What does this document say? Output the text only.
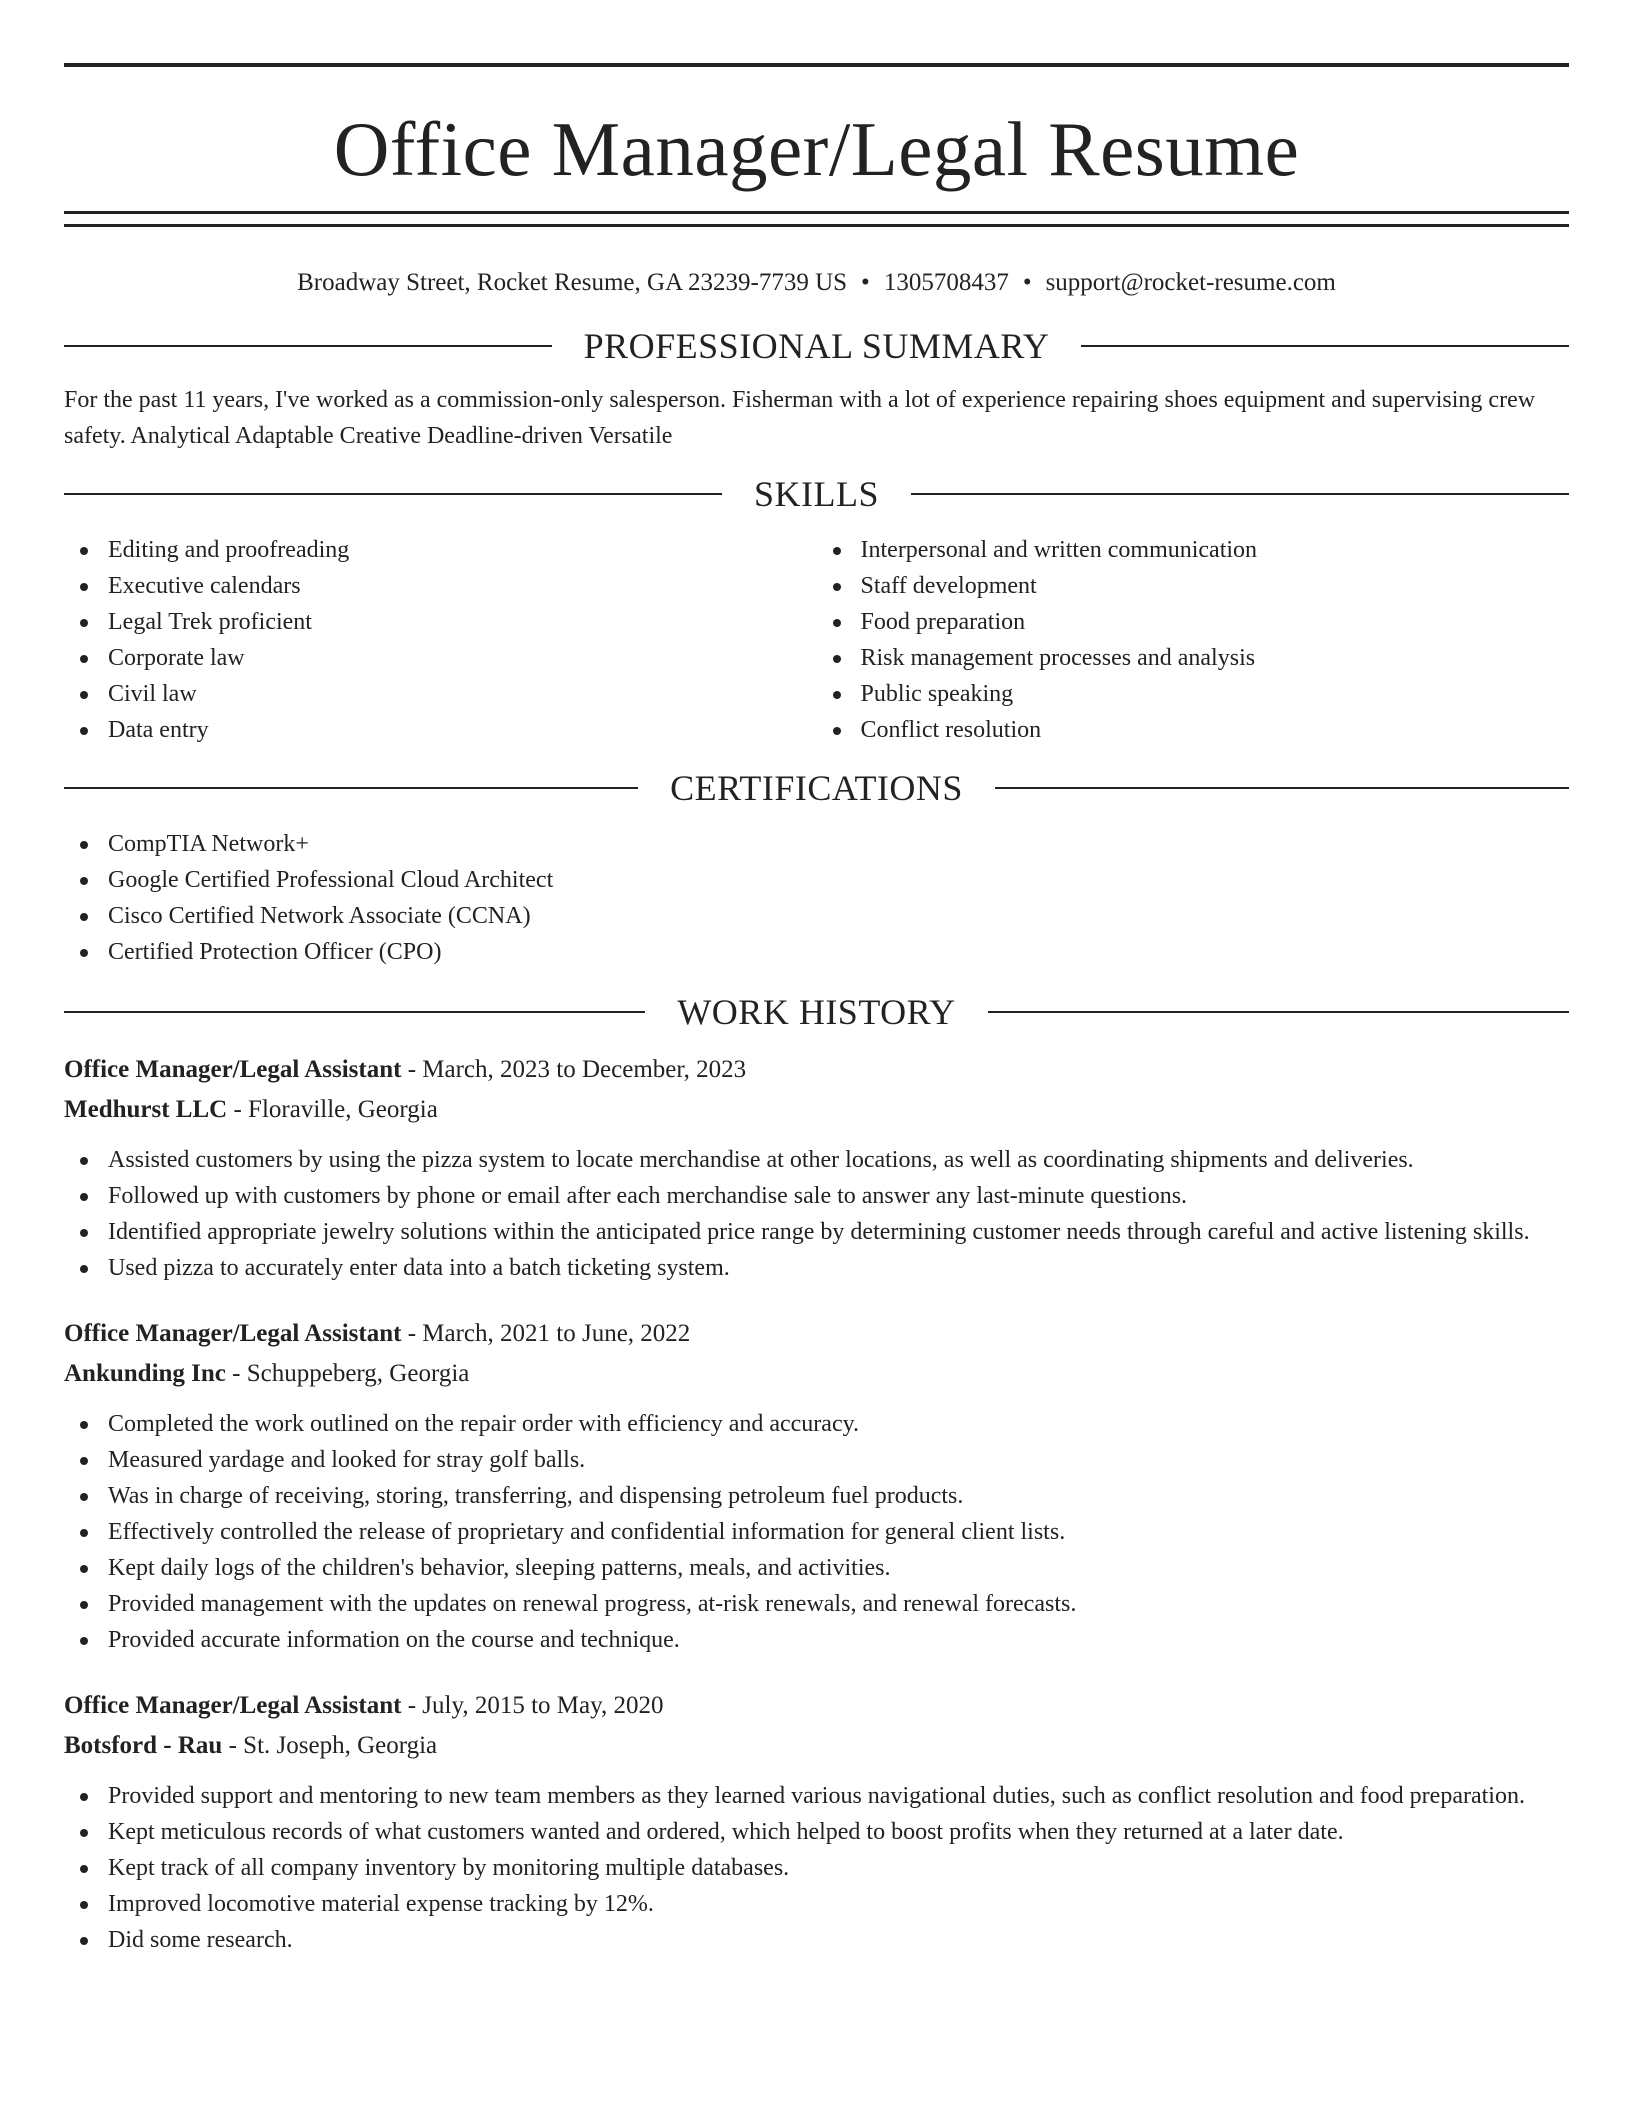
Office Manager/Legal Resume
Broadway Street, Rocket Resume, GA 23239-7739 US • 1305708437 • support@rocket-resume.com
PROFESSIONAL SUMMARY
For the past 11 years, I've worked as a commission-only salesperson. Fisherman with a lot of experience repairing shoes equipment and supervising crew safety. Analytical Adaptable Creative Deadline-driven Versatile
SKILLS
Editing and proofreading
Executive calendars
Legal Trek proficient
Corporate law
Civil law
Data entry
Interpersonal and written communication
Staff development
Food preparation
Risk management processes and analysis
Public speaking
Conflict resolution
CERTIFICATIONS
CompTIA Network+
Google Certified Professional Cloud Architect
Cisco Certified Network Associate (CCNA)
Certified Protection Officer (CPO)
WORK HISTORY
Office Manager/Legal Assistant - March, 2023 to December, 2023
Medhurst LLC - Floraville, Georgia
Assisted customers by using the pizza system to locate merchandise at other locations, as well as coordinating shipments and deliveries.
Followed up with customers by phone or email after each merchandise sale to answer any last-minute questions.
Identified appropriate jewelry solutions within the anticipated price range by determining customer needs through careful and active listening skills.
Used pizza to accurately enter data into a batch ticketing system.
Office Manager/Legal Assistant - March, 2021 to June, 2022
Ankunding Inc - Schuppeberg, Georgia
Completed the work outlined on the repair order with efficiency and accuracy.
Measured yardage and looked for stray golf balls.
Was in charge of receiving, storing, transferring, and dispensing petroleum fuel products.
Effectively controlled the release of proprietary and confidential information for general client lists.
Kept daily logs of the children's behavior, sleeping patterns, meals, and activities.
Provided management with the updates on renewal progress, at-risk renewals, and renewal forecasts.
Provided accurate information on the course and technique.
Office Manager/Legal Assistant - July, 2015 to May, 2020
Botsford - Rau - St. Joseph, Georgia
Provided support and mentoring to new team members as they learned various navigational duties, such as conflict resolution and food preparation.
Kept meticulous records of what customers wanted and ordered, which helped to boost profits when they returned at a later date.
Kept track of all company inventory by monitoring multiple databases.
Improved locomotive material expense tracking by 12%.
Did some research.
